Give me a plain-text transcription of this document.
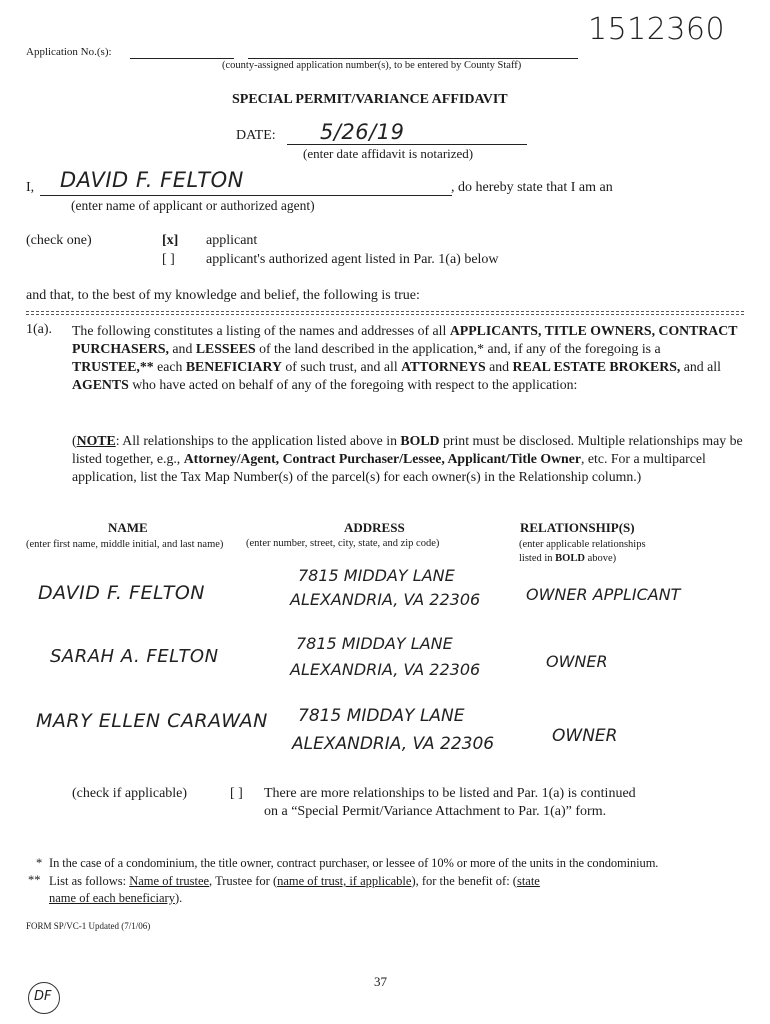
1512360
Application No.(s):
(county-assigned application number(s), to be entered by County Staff)
SPECIAL PERMIT/VARIANCE AFFIDAVIT
DATE: 5/26/19
(enter date affidavit is notarized)
I, DAVID F. FELTON	, do hereby state that I am an
(enter name of applicant or authorized agent)
(check one)	[x] applicant
[ ] applicant's authorized agent listed in Par. 1(a) below
and that, to the best of my knowledge and belief, the following is true:
1(a). The following constitutes a listing of the names and addresses of all APPLICANTS, TITLE OWNERS, CONTRACT PURCHASERS, and LESSEES of the land described in the application,* and, if any of the foregoing is a TRUSTEE,** each BENEFICIARY of such trust, and all ATTORNEYS and REAL ESTATE BROKERS, and all AGENTS who have acted on behalf of any of the foregoing with respect to the application:
(NOTE: All relationships to the application listed above in BOLD print must be disclosed. Multiple relationships may be listed together, e.g., Attorney/Agent, Contract Purchaser/Lessee, Applicant/Title Owner, etc. For a multiparcel application, list the Tax Map Number(s) of the parcel(s) for each owner(s) in the Relationship column.)
NAME
(enter first name, middle initial, and last name)
ADDRESS
(enter number, street, city, state, and zip code)
RELATIONSHIP(S)
(enter applicable relationships
listed in BOLD above)
DAVID F. FELTON
7815 MIDDAY LANE
ALEXANDRIA, VA 22306	OWNER APPLICANT
SARAH A. FELTON
7815 MIDDAY LANE
ALEXANDRIA, VA 22306	OWNER
MARY ELLEN CARAWAN 7815 MIDDAY LANE
ALEXANDRIA, VA 22306	OWNER
(check if applicable)	[ ] There are more relationships to be listed and Par. 1(a) is continued
on a “Special Permit/Variance Attachment to Par. 1(a)” form.
* In the case of a condominium, the title owner, contract purchaser, or lessee of 10% or more of the units in the condominium.
** List as follows: Name of trustee, Trustee for (name of trust, if applicable), for the benefit of: (state
name of each beneficiary).
FORM SP/VC-1 Updated (7/1/06)
37
DF
